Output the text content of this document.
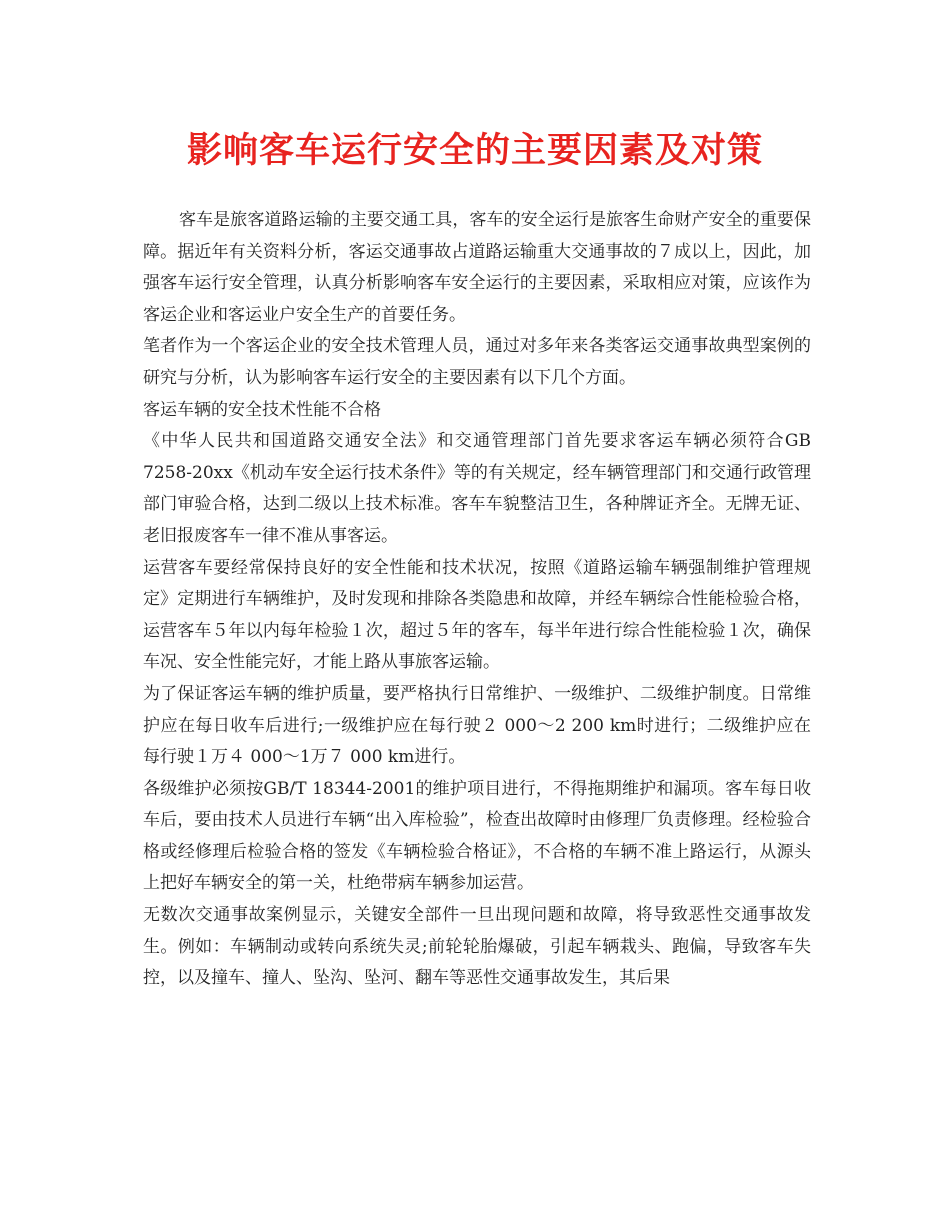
影响客车运行安全的主要因素及对策

客车是旅客道路运输的主要交通工具，客车的安全运行是旅客生命财产安全的重要保障。据近年有关资料分析，客运交通事故占道路运输重大交通事故的７成以上，因此，加强客车运行安全管理，认真分析影响客车安全运行的主要因素，采取相应对策，应该作为客运企业和客运业户安全生产的首要任务。

笔者作为一个客运企业的安全技术管理人员，通过对多年来各类客运交通事故典型案例的研究与分析，认为影响客车运行安全的主要因素有以下几个方面。

客运车辆的安全技术性能不合格

《中华人民共和国道路交通安全法》和交通管理部门首先要求客运车辆必须符合GB 7258-20xx《机动车安全运行技术条件》等的有关规定，经车辆管理部门和交通行政管理部门审验合格，达到二级以上技术标准。客车车貌整洁卫生，各种牌证齐全。无牌无证、老旧报废客车一律不准从事客运。

运营客车要经常保持良好的安全性能和技术状况，按照《道路运输车辆强制维护管理规定》定期进行车辆维护，及时发现和排除各类隐患和故障，并经车辆综合性能检验合格，运营客车５年以内每年检验１次，超过５年的客车，每半年进行综合性能检验１次，确保车况、安全性能完好，才能上路从事旅客运输。

为了保证客运车辆的维护质量，要严格执行日常维护、一级维护、二级维护制度。日常维护应在每日收车后进行;一级维护应在每行驶２ 000～2 200 km时进行；二级维护应在每行驶１万４ 000～1万７ 000 km进行。

各级维护必须按GB/T 18344-2001的维护项目进行，不得拖期维护和漏项。客车每日收车后，要由技术人员进行车辆“出入库检验”，检查出故障时由修理厂负责修理。经检验合格或经修理后检验合格的签发《车辆检验合格证》，不合格的车辆不准上路运行，从源头上把好车辆安全的第一关，杜绝带病车辆参加运营。

无数次交通事故案例显示，关键安全部件一旦出现问题和故障，将导致恶性交通事故发生。例如：车辆制动或转向系统失灵;前轮轮胎爆破，引起车辆栽头、跑偏，导致客车失控，以及撞车、撞人、坠沟、坠河、翻车等恶性交通事故发生，其后果
